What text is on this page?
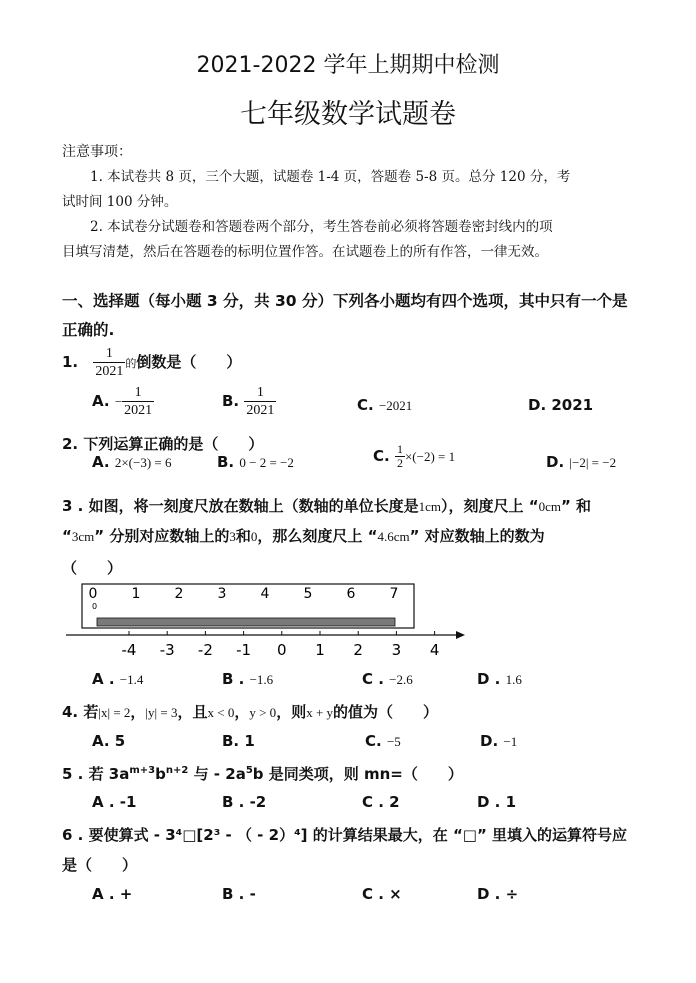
2021-2022 学年上期期中检测
七年级数学试题卷
注意事项：
1. 本试卷共 8 页，三个大题，试题卷 1-4 页，答题卷 5-8 页。总分 120 分，考
试时间 100 分钟。
2. 本试卷分试题卷和答题卷两个部分，考生答卷前必须将答题卷密封线内的项
目填写清楚，然后在答题卷的标明位置作答。在试题卷上的所有作答，一律无效。
一、选择题（每小题 3 分，共 30 分）下列各小题均有四个选项，其中只有一个是
正确的.
1. $\frac{1}{2021}$ 的倒数是（　　）
A. − $\frac{1}{2021}$	B. $\frac{1}{2021}$	C. −2021	D. 2021
2. 下列运算正确的是（　　）
A. 2×(−3) = 6	B. 0 − 2 = −2	C. $\frac{1}{2} \times(-2) = 1$	D. |−2| = −2
3 . 如图，将一刻度尺放在数轴上（数轴的单位长度是1cm），刻度尺上 “0cm” 和
“3cm” 分别对应数轴上的3和0，那么刻度尺上 “4.6cm” 对应数轴上的数为
（　　）
0 1 2 3 4 5 6 7
0
-4 -3 -2 -1 0 1 2 3 4
A . −1.4	B . −1.6	C . −2.6	D . 1.6
4. 若|x| = 2，|y| = 3，且x < 0，y > 0，则x + y的值为（　　）
A. 5	B. 1	C. −5	D. −1
5 . 若 $3a^{m+3}b^{n+2}$ 与 - $2a^5b$ 是同类项，则 mn=（　　）
A . -1	B . -2	C . 2	D . 1
6 . 要使算式 - 3⁴□[2³ - （ - 2）⁴] 的计算结果最大，在 “□” 里填入的运算符号应
是（　　）
A . +	B . -	C . ×	D . ÷
